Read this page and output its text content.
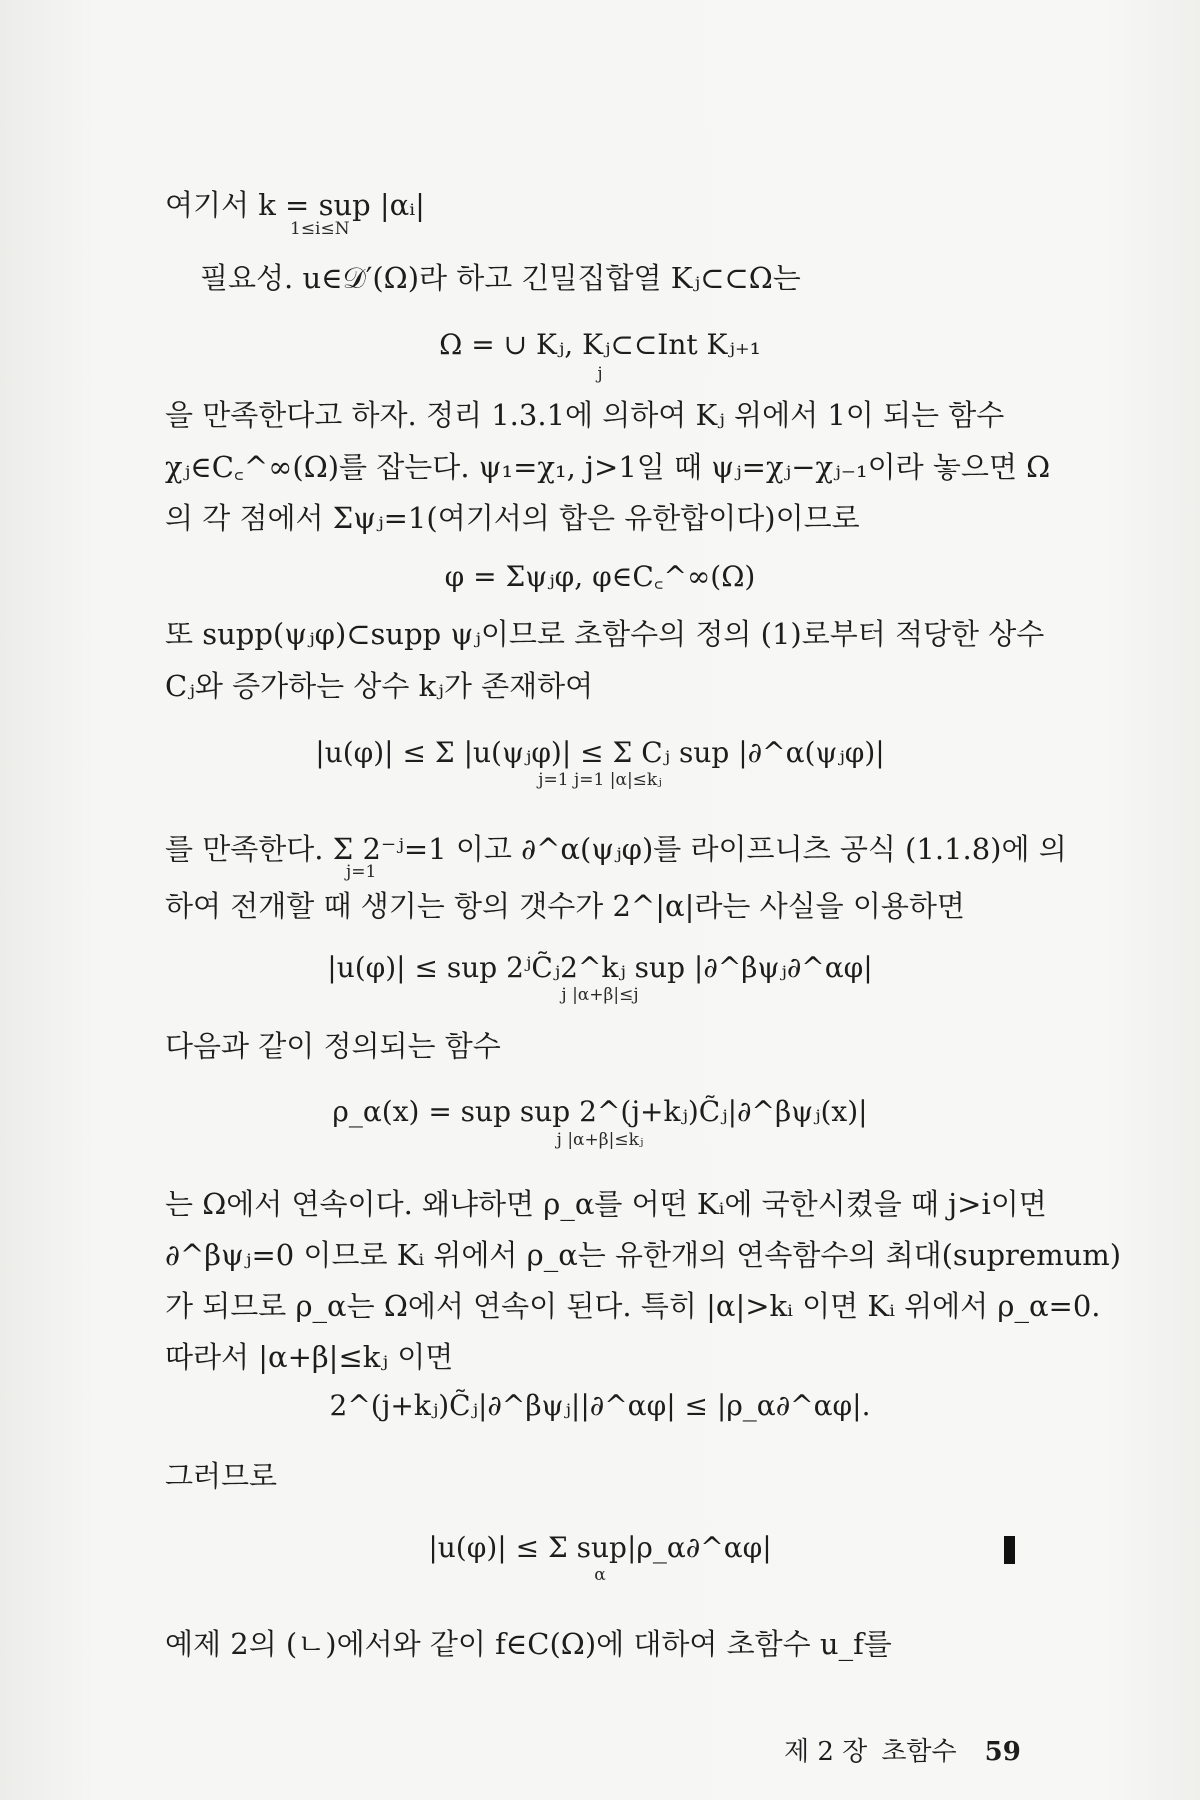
여기서 k = sup |αᵢ|
1≤i≤N
필요성. u∈𝒟′(Ω)라 하고 긴밀집합열 Kⱼ⊂⊂Ω는
Ω = ∪ Kⱼ, Kⱼ⊂⊂Int Kⱼ₊₁
j
을 만족한다고 하자. 정리 1.3.1에 의하여 Kⱼ 위에서 1이 되는 함수
χⱼ∈C꜀^∞(Ω)를 잡는다. ψ₁=χ₁, j>1일 때 ψⱼ=χⱼ−χⱼ₋₁이라 놓으면 Ω
의 각 점에서 Σψⱼ=1(여기서의 합은 유한합이다)이므로
φ = Σψⱼφ, φ∈C꜀^∞(Ω)
또 supp(ψⱼφ)⊂supp ψⱼ이므로 초함수의 정의 (1)로부터 적당한 상수
Cⱼ와 증가하는 상수 kⱼ가 존재하여
|u(φ)| ≤ Σ |u(ψⱼφ)| ≤ Σ Cⱼ sup |∂^α(ψⱼφ)|
j=1 j=1 |α|≤kⱼ
를 만족한다. Σ 2⁻ʲ=1 이고 ∂^α(ψⱼφ)를 라이프니츠 공식 (1.1.8)에 의
j=1
하여 전개할 때 생기는 항의 갯수가 2^|α|라는 사실을 이용하면
|u(φ)| ≤ sup 2ʲC̃ⱼ2^kⱼ sup |∂^βψⱼ∂^αφ|
j |α+β|≤j
다음과 같이 정의되는 함수
ρ_α(x) = sup sup 2^(j+kⱼ)C̃ⱼ|∂^βψⱼ(x)|
j |α+β|≤kⱼ
는 Ω에서 연속이다. 왜냐하면 ρ_α를 어떤 Kᵢ에 국한시켰을 때 j>i이면
∂^βψⱼ=0 이므로 Kᵢ 위에서 ρ_α는 유한개의 연속함수의 최대(supremum)
가 되므로 ρ_α는 Ω에서 연속이 된다. 특히 |α|>kᵢ 이면 Kᵢ 위에서 ρ_α=0.
따라서 |α+β|≤kⱼ 이면
2^(j+kⱼ)C̃ⱼ|∂^βψⱼ||∂^αφ| ≤ |ρ_α∂^αφ|.
그러므로
|u(φ)| ≤ Σ sup|ρ_α∂^αφ|
α
예제 2의 (ㄴ)에서와 같이 f∈C(Ω)에 대하여 초함수 u_f를
제 2 장 초함수 59
